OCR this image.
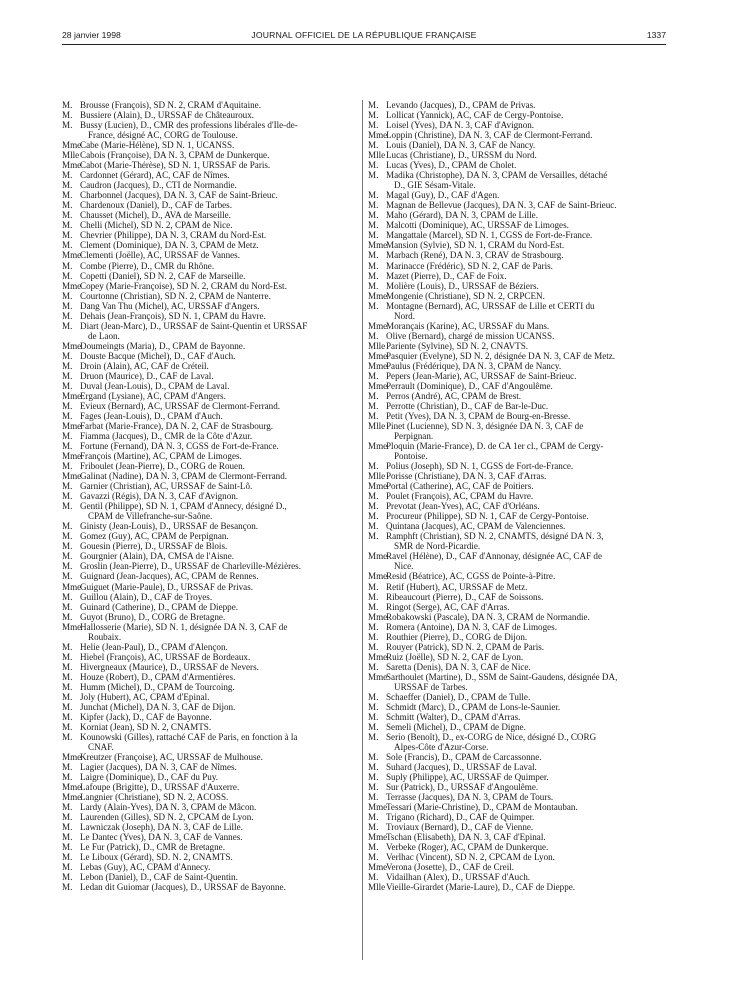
28 janvier 1998	JOURNAL OFFICIEL DE LA RÉPUBLIQUE FRANÇAISE	1337
M. Brousse (François), SD N. 2, CRAM d'Aquitaine.
M. Bussiere (Alain), D., URSSAF de Châteauroux.
M. Bussy (Lucien), D., CMR des professions libérales d'Ile-de-
France, désigné AC, CORG de Toulouse.
MmeCabe (Marie-Hélène), SD N. 1, UCANSS.
MlleCabois (Françoise), DA N. 3, CPAM de Dunkerque.
MmeCabot (Marie-Thérèse), SD N. 1, URSSAF de Paris.
M. Cardonnet (Gérard), AC, CAF de Nîmes.
M. Caudron (Jacques), D., CTI de Normandie.
M. Charbonnel (Jacques), DA N. 3, CAF de Saint-Brieuc.
M. Chardenoux (Daniel), D., CAF de Tarbes.
M. Chausset (Michel), D., AVA de Marseille.
M. Chelli (Michel), SD N. 2, CPAM de Nice.
M. Chevrier (Philippe), DA N. 3, CRAM du Nord-Est.
M. Clement (Dominique), DA N. 3, CPAM de Metz.
MmeClementi (Joëlle), AC, URSSAF de Vannes.
M. Combe (Pierre), D., CMR du Rhône.
M. Copetti (Daniel), SD N. 2, CAF de Marseille.
MmeCopey (Marie-Françoise), SD N. 2, CRAM du Nord-Est.
M. Courtonne (Christian), SD N. 2, CPAM de Nanterre.
M. Dang Van Thu (Michel), AC, URSSAF d'Angers.
M. Dehais (Jean-François), SD N. 1, CPAM du Havre.
M. Diart (Jean-Marc), D., URSSAF de Saint-Quentin et URSSAF
de Laon.
MmeDoumeingts (Maria), D., CPAM de Bayonne.
M. Douste Bacque (Michel), D., CAF d'Auch.
M. Droin (Alain), AC, CAF de Créteil.
M. Druon (Maurice), D., CAF de Laval.
M. Duval (Jean-Louis), D., CPAM de Laval.
MmeErgand (Lysiane), AC, CPAM d'Angers.
M. Evieux (Bernard), AC, URSSAF de Clermont-Ferrand.
M. Fages (Jean-Louis), D., CPAM d'Auch.
MmeFarbat (Marie-France), DA N. 2, CAF de Strasbourg.
M. Fiamma (Jacques), D., CMR de la Côte d'Azur.
M. Fortune (Fernand), DA N. 3, CGSS de Fort-de-France.
MmeFrançois (Martine), AC, CPAM de Limoges.
M. Friboulet (Jean-Pierre), D., CORG de Rouen.
MmeGalinat (Nadine), DA N. 3, CPAM de Clermont-Ferrand.
M. Garnier (Christian), AC, URSSAF de Saint-Lô.
M. Gavazzi (Régis), DA N. 3, CAF d'Avignon.
M. Gentil (Philippe), SD N. 1, CPAM d'Annecy, désigné D.,
CPAM de Villefranche-sur-Saône.
M. Ginisty (Jean-Louis), D., URSSAF de Besançon.
M. Gomez (Guy), AC, CPAM de Perpignan.
M. Gouesin (Pierre), D., URSSAF de Blois.
M. Gourgnier (Alain), DA, CMSA de l'Aisne.
M. Groslin (Jean-Pierre), D., URSSAF de Charleville-Mézières.
M. Guignard (Jean-Jacques), AC, CPAM de Rennes.
MmeGuiguet (Marie-Paule), D., URSSAF de Privas.
M. Guillou (Alain), D., CAF de Troyes.
M. Guinard (Catherine), D., CPAM de Dieppe.
M. Guyot (Bruno), D., CORG de Bretagne.
MmeHallosserie (Marie), SD N. 1, désignée DA N. 3, CAF de
Roubaix.
M. Helie (Jean-Paul), D., CPAM d'Alençon.
M. Hiebel (François), AC, URSSAF de Bordeaux.
M. Hivergneaux (Maurice), D., URSSAF de Nevers.
M. Houze (Robert), D., CPAM d'Armentières.
M. Humm (Michel), D., CPAM de Tourcoing.
M. Joly (Hubert), AC, CPAM d'Epinal.
M. Junchat (Michel), DA N. 3, CAF de Dijon.
M. Kipfer (Jack), D., CAF de Bayonne.
M. Korniat (Jean), SD N. 2, CNAMTS.
M. Kounowski (Gilles), rattaché CAF de Paris, en fonction à la
CNAF.
MmeKreutzer (Françoise), AC, URSSAF de Mulhouse.
M. Lagier (Jacques), DA N. 3, CAF de Nîmes.
M. Laigre (Dominique), D., CAF du Puy.
MmeLafoupe (Brigitte), D., URSSAF d'Auxerre.
MmeLangnier (Christiane), SD N. 2, ACOSS.
M. Lardy (Alain-Yves), DA N. 3, CPAM de Mâcon.
M. Laurenden (Gilles), SD N. 2, CPCAM de Lyon.
M. Lawniczak (Joseph), DA N. 3, CAF de Lille.
M. Le Dantec (Yves), DA N. 3, CAF de Vannes.
M. Le Fur (Patrick), D., CMR de Bretagne.
M. Le Liboux (Gérard), SD. N. 2, CNAMTS.
M. Lebas (Guy), AC, CPAM d'Annecy.
M. Lebon (Daniel), D., CAF de Saint-Quentin.
M. Ledan dit Guiomar (Jacques), D., URSSAF de Bayonne.
M. Levando (Jacques), D., CPAM de Privas.
M. Lollicat (Yannick), AC, CAF de Cergy-Pontoise.
M. Loisel (Yves), DA N. 3, CAF d'Avignon.
MmeLoppin (Christine), DA N. 3, CAF de Clermont-Ferrand.
M. Louis (Daniel), DA N. 3, CAF de Nancy.
MlleLucas (Christiane), D., URSSM du Nord.
M. Lucas (Yves), D., CPAM de Cholet.
M. Madika (Christophe), DA N. 3, CPAM de Versailles, détaché
D., GIE Sésam-Vitale.
M. Magal (Guy), D., CAF d'Agen.
M. Magnan de Bellevue (Jacques), DA N. 3, CAF de Saint-Brieuc.
M. Maho (Gérard), DA N. 3, CPAM de Lille.
M. Malcotti (Dominique), AC, URSSAF de Limoges.
M. Mangattale (Marcel), SD N. 1, CGSS de Fort-de-France.
MmeMansion (Sylvie), SD N. 1, CRAM du Nord-Est.
M. Marbach (René), DA N. 3, CRAV de Strasbourg.
M. Marinacce (Frédéric), SD N. 2, CAF de Paris.
M. Mazet (Pierre), D., CAF de Foix.
M. Molière (Louis), D., URSSAF de Béziers.
MmeMongenie (Christiane), SD N. 2, CRPCEN.
M. Montagne (Bernard), AC, URSSAF de Lille et CERTI du
Nord.
MmeMorançais (Karine), AC, URSSAF du Mans.
M. Olive (Bernard), chargé de mission UCANSS.
MllePariente (Sylvine), SD N. 2, CNAVTS.
MmePasquier (Evelyne), SD N. 2, désignée DA N. 3, CAF de Metz.
MmePaulus (Frédérique), DA N. 3, CPAM de Nancy.
M. Pepers (Jean-Marie), AC, URSSAF de Saint-Brieuc.
MmePerrault (Dominique), D., CAF d'Angoulême.
M. Perros (André), AC, CPAM de Brest.
M. Perrotte (Christian), D., CAF de Bar-le-Duc.
M. Petit (Yves), DA N. 3, CPAM de Bourg-en-Bresse.
MllePinet (Lucienne), SD N. 3, désignée DA N. 3, CAF de
Perpignan.
MmePloquin (Marie-France), D. de CA 1er cl., CPAM de Cergy-
Pontoise.
M. Polius (Joseph), SD N. 1, CGSS de Fort-de-France.
MllePorisse (Christiane), DA N. 3, CAF d'Arras.
MmePortal (Catherine), AC, CAF de Poitiers.
M. Poulet (François), AC, CPAM du Havre.
M. Prevotat (Jean-Yves), AC, CAF d'Orléans.
M. Procureur (Philippe), SD N. 1, CAF de Cergy-Pontoise.
M. Quintana (Jacques), AC, CPAM de Valenciennes.
M. Ramphft (Christian), SD N. 2, CNAMTS, désigné DA N. 3,
SMR de Nord-Picardie.
MmeRavel (Hélène), D., CAF d'Annonay, désignée AC, CAF de
Nice.
MmeResid (Béatrice), AC, CGSS de Pointe-à-Pitre.
M. Retif (Hubert), AC, URSSAF de Metz.
M. Ribeaucourt (Pierre), D., CAF de Soissons.
M. Ringot (Serge), AC, CAF d'Arras.
MmeRobakowski (Pascale), DA N. 3, CRAM de Normandie.
M. Romera (Antoine), DA N. 3, CAF de Limoges.
M. Routhier (Pierre), D., CORG de Dijon.
M. Rouyer (Patrick), SD N. 2, CPAM de Paris.
MmeRuiz (Joëlle), SD N. 2, CAF de Lyon.
M. Saretta (Denis), DA N. 3, CAF de Nice.
MmeSarthoulet (Martine), D., SSM de Saint-Gaudens, désignée DA,
URSSAF de Tarbes.
M. Schaeffer (Daniel), D., CPAM de Tulle.
M. Schmidt (Marc), D., CPAM de Lons-le-Saunier.
M. Schmitt (Walter), D., CPAM d'Arras.
M. Semeli (Michel), D., CPAM de Digne.
M. Serio (Benoît), D., ex-CORG de Nice, désigné D., CORG
Alpes-Côte d'Azur-Corse.
M. Sole (Francis), D., CPAM de Carcassonne.
M. Suhard (Jacques), D., URSSAF de Laval.
M. Suply (Philippe), AC, URSSAF de Quimper.
M. Sur (Patrick), D., URSSAF d'Angoulême.
M. Terrasse (Jacques), DA N. 3, CPAM de Tours.
MmeTessari (Marie-Christine), D., CPAM de Montauban.
M. Trigano (Richard), D., CAF de Quimper.
M. Troviaux (Bernard), D., CAF de Vienne.
MmeTschan (Elisabeth), DA N. 3, CAF d'Epinal.
M. Verbeke (Roger), AC, CPAM de Dunkerque.
M. Verlhac (Vincent), SD N. 2, CPCAM de Lyon.
MmeVerona (Josette), D., CAF de Creil.
M. Vidailhan (Alex), D., URSSAF d'Auch.
MlleVieille-Girardet (Marie-Laure), D., CAF de Dieppe.
